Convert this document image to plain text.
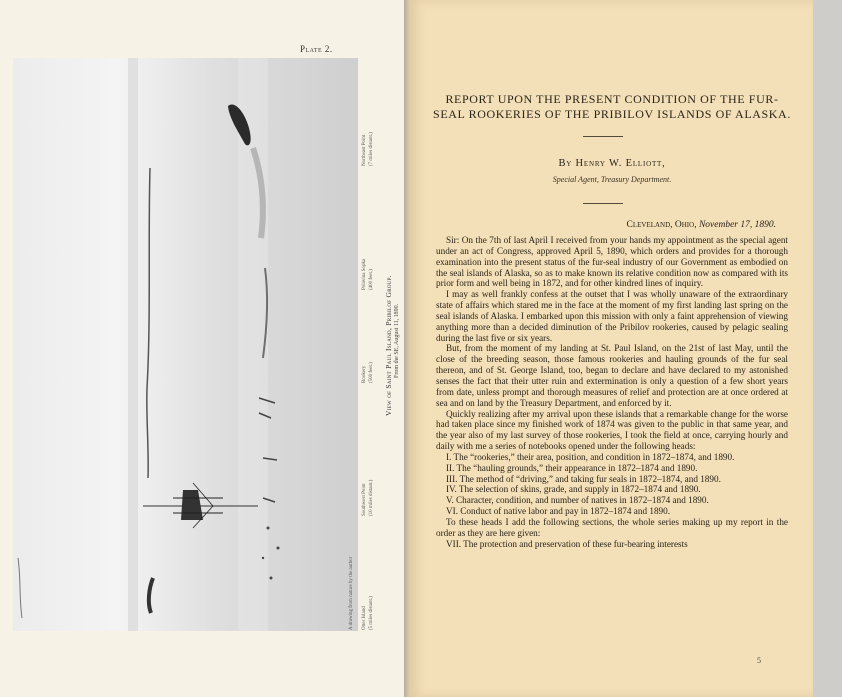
Plate 2.
Northeast Point (7 miles distant.)
Polavina Sopka (400 feet.)
Rookery (500 feet.) View of Saint Paul Island, Pribilof Group. From the SE, August 11, 1890.
Southwest Point (10 miles distant.)
A drawing from nature by the author Otter Island (5 miles distant.)
REPORT UPON THE PRESENT CONDITION OF THE FUR-SEAL ROOKERIES OF THE PRIBILOV ISLANDS OF ALASKA.
By Henry W. Elliott,
Special Agent, Treasury Department.
Cleveland, Ohio, November 17, 1890.

Sir: On the 7th of last April I received from your hands my appointment as the special agent under an act of Congress, approved April 5, 1890, which orders and provides for a thorough examination into the present status of the fur-seal industry of our Government as embodied on the seal islands of Alaska, so as to make known its relative condition now as compared with its prior form and well being in 1872, and for other kindred lines of inquiry.

I may as well frankly confess at the outset that I was wholly unaware of the extraordinary state of affairs which stared me in the face at the moment of my first landing last spring on the seal islands of Alaska. I embarked upon this mission with only a faint apprehension of viewing anything more than a decided diminution of the Pribilov rookeries, caused by pelagic sealing during the last five or six years.

But, from the moment of my landing at St. Paul Island, on the 21st of last May, until the close of the breeding season, those famous rookeries and hauling grounds of the fur seal thereon, and of St. George Island, too, began to declare and have declared to my astonished senses the fact that their utter ruin and extermination is only a question of a few short years from date, unless prompt and thorough measures of relief and protection are at once ordered at sea and on land by the Treasury Department, and enforced by it.

Quickly realizing after my arrival upon these islands that a remarkable change for the worse had taken place since my finished work of 1874 was given to the public in that same year, and the year also of my last survey of those rookeries, I took the field at once, carrying hourly and daily with me a series of notebooks opened under the following heads:

I. The “rookeries,” their area, position, and condition in 1872–1874, and 1890.

II. The “hauling grounds,” their appearance in 1872–1874 and 1890.

III. The method of “driving,” and taking fur seals in 1872–1874, and 1890.

IV. The selection of skins, grade, and supply in 1872–1874 and 1890.

V. Character, condition, and number of natives in 1872–1874 and 1890.

VI. Conduct of native labor and pay in 1872–1874 and 1890.

To these heads I add the following sections, the whole series making up my report in the order as they are here given:

VII. The protection and preservation of these fur-bearing interests

5
